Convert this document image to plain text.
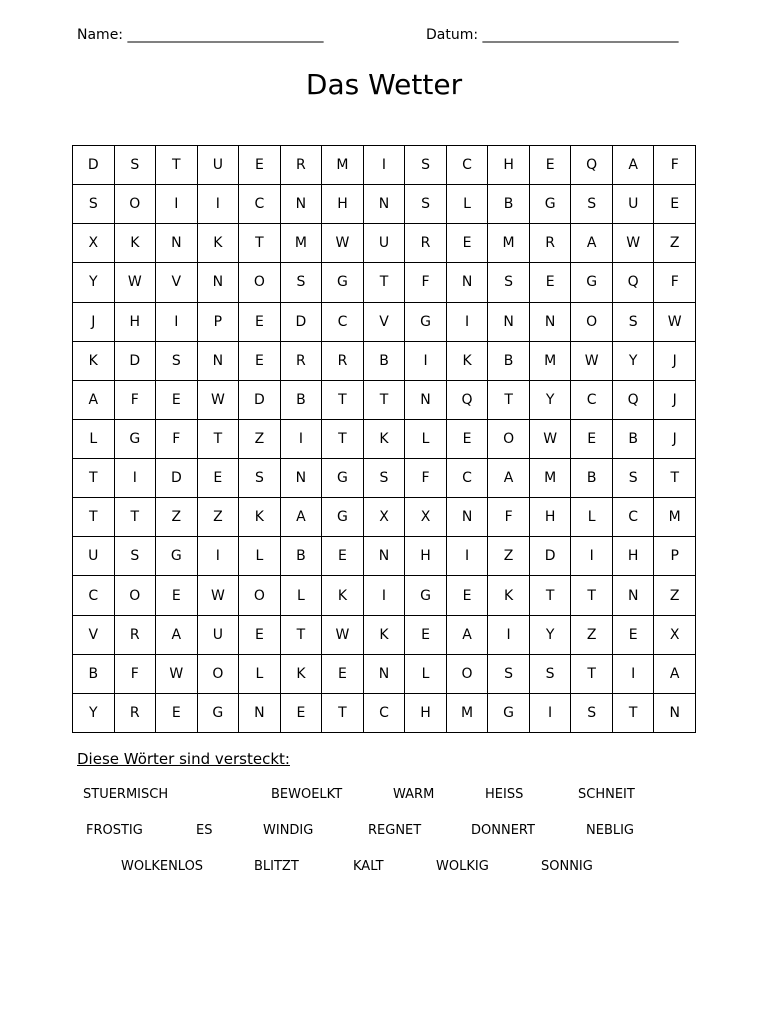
Name: ____________________________	Datum: ____________________________
Das Wetter
D	S	T	U	E	R	M	I	S	C	H	E	Q	A	F
S	O	I	I	C	N	H	N	S	L	B	G	S	U	E
X	K	N	K	T	M	W	U	R	E	M	R	A	W	Z
Y	W	V	N	O	S	G	T	F	N	S	E	G	Q	F
J	H	I	P	E	D	C	V	G	I	N	N	O	S	W
K	D	S	N	E	R	R	B	I	K	B	M	W	Y	J
A	F	E	W	D	B	T	T	N	Q	T	Y	C	Q	J
L	G	F	T	Z	I	T	K	L	E	O	W	E	B	J
T	I	D	E	S	N	G	S	F	C	A	M	B	S	T
T	T	Z	Z	K	A	G	X	X	N	F	H	L	C	M
U	S	G	I	L	B	E	N	H	I	Z	D	I	H	P
C	O	E	W	O	L	K	I	G	E	K	T	T	N	Z
V	R	A	U	E	T	W	K	E	A	I	Y	Z	E	X
B	F	W	O	L	K	E	N	L	O	S	S	T	I	A
Y	R	E	G	N	E	T	C	H	M	G	I	S	T	N
Diese Wörter sind versteckt:
STUERMISCH	BEWOELKT	WARM	HEISS	SCHNEIT
FROSTIG	ES	WINDIG	REGNET	DONNERT	NEBLIG
WOLKENLOS	BLITZT	KALT	WOLKIG	SONNIG
